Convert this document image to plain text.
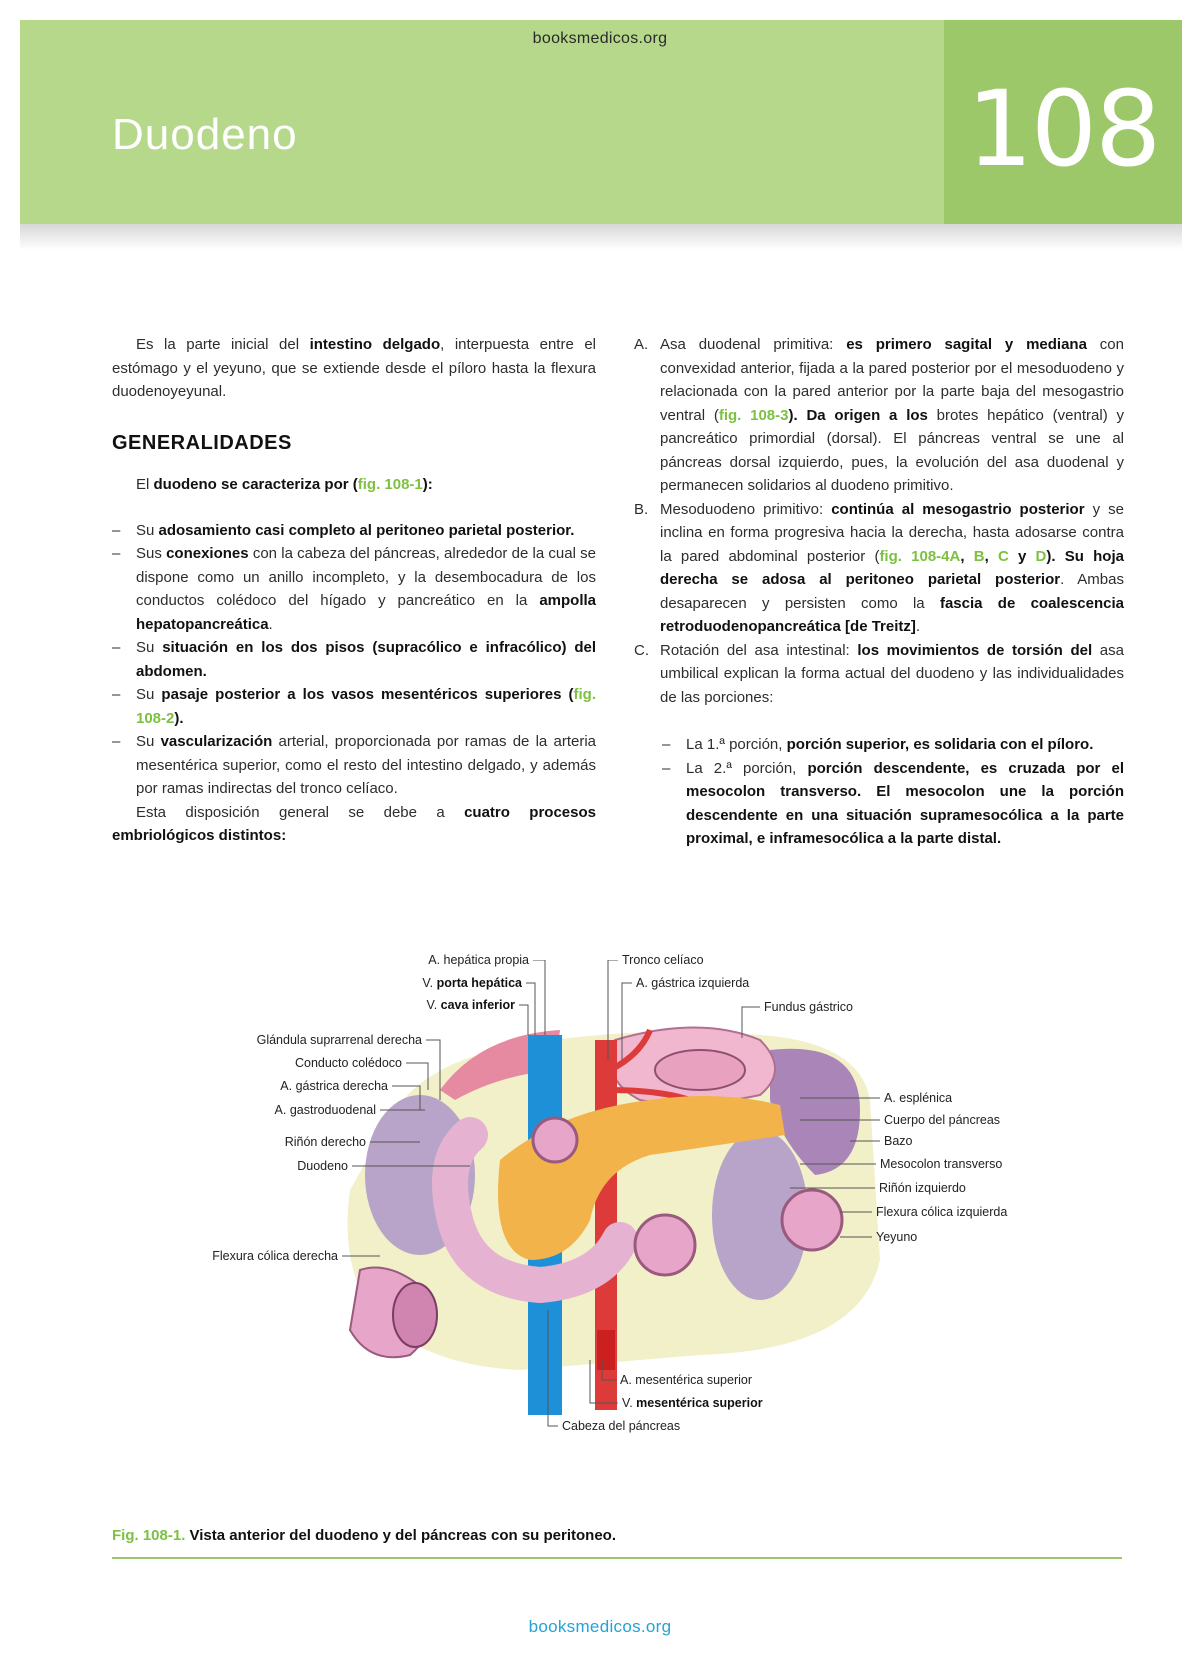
booksmedicos.org
Duodeno	108

Es la parte inicial del intestino delgado, interpuesta entre el estómago y el yeyuno, que se extiende desde el píloro hasta la flexura duodenoyeyunal.

GENERALIDADES

El duodeno se caracteriza por (fig. 108-1):

– Su adosamiento casi completo al peritoneo parietal posterior.
– Sus conexiones con la cabeza del páncreas, alrededor de la cual se dispone como un anillo incompleto, y la desembocadura de los conductos colédoco del hígado y pancreático en la ampolla hepatopancreática.
– Su situación en los dos pisos (supracólico e infracólico) del abdomen.
– Su pasaje posterior a los vasos mesentéricos superiores (fig. 108-2).
– Su vascularización arterial, proporcionada por ramas de la arteria mesentérica superior, como el resto del intestino delgado, y además por ramas indirectas del tronco celíaco.

Esta disposición general se debe a cuatro procesos embriológicos distintos:

A. Asa duodenal primitiva: es primero sagital y mediana con convexidad anterior, fijada a la pared posterior por el mesoduodeno y relacionada con la pared anterior por la parte baja del mesogastrio ventral (fig. 108-3). Da origen a los brotes hepático (ventral) y pancreático primordial (dorsal). El páncreas ventral se une al páncreas dorsal izquierdo, pues, la evolución del asa duodenal y permanecen solidarios al duodeno primitivo.
B. Mesoduodeno primitivo: continúa al mesogastrio posterior y se inclina en forma progresiva hacia la derecha, hasta adosarse contra la pared abdominal posterior (fig. 108-4A, B, C y D). Su hoja derecha se adosa al peritoneo parietal posterior. Ambas desaparecen y persisten como la fascia de coalescencia retroduodenopancreática [de Treitz].
C. Rotación del asa intestinal: los movimientos de torsión del asa umbilical explican la forma actual del duodeno y las individualidades de las porciones:
– La 1.ª porción, porción superior, es solidaria con el píloro.
– La 2.ª porción, porción descendente, es cruzada por el mesocolon transverso. El mesocolon une la porción descendente en una situación supramesocólica a la parte proximal, e inframesocólica a la parte distal.
A. hepática propia
V. porta hepática
V. cava inferior
Glándula suprarrenal derecha
Conducto colédoco
A. gástrica derecha
A. gastroduodenal
Riñón derecho
Duodeno
Flexura cólica derecha
Tronco celíaco
A. gástrica izquierda
Fundus gástrico
A. esplénica
Cuerpo del páncreas
Bazo
Mesocolon transverso
Riñón izquierdo
Flexura cólica izquierda
Yeyuno
A. mesentérica superior
V. mesentérica superior
Cabeza del páncreas
Fig. 108-1. Vista anterior del duodeno y del páncreas con su peritoneo.
booksmedicos.org
